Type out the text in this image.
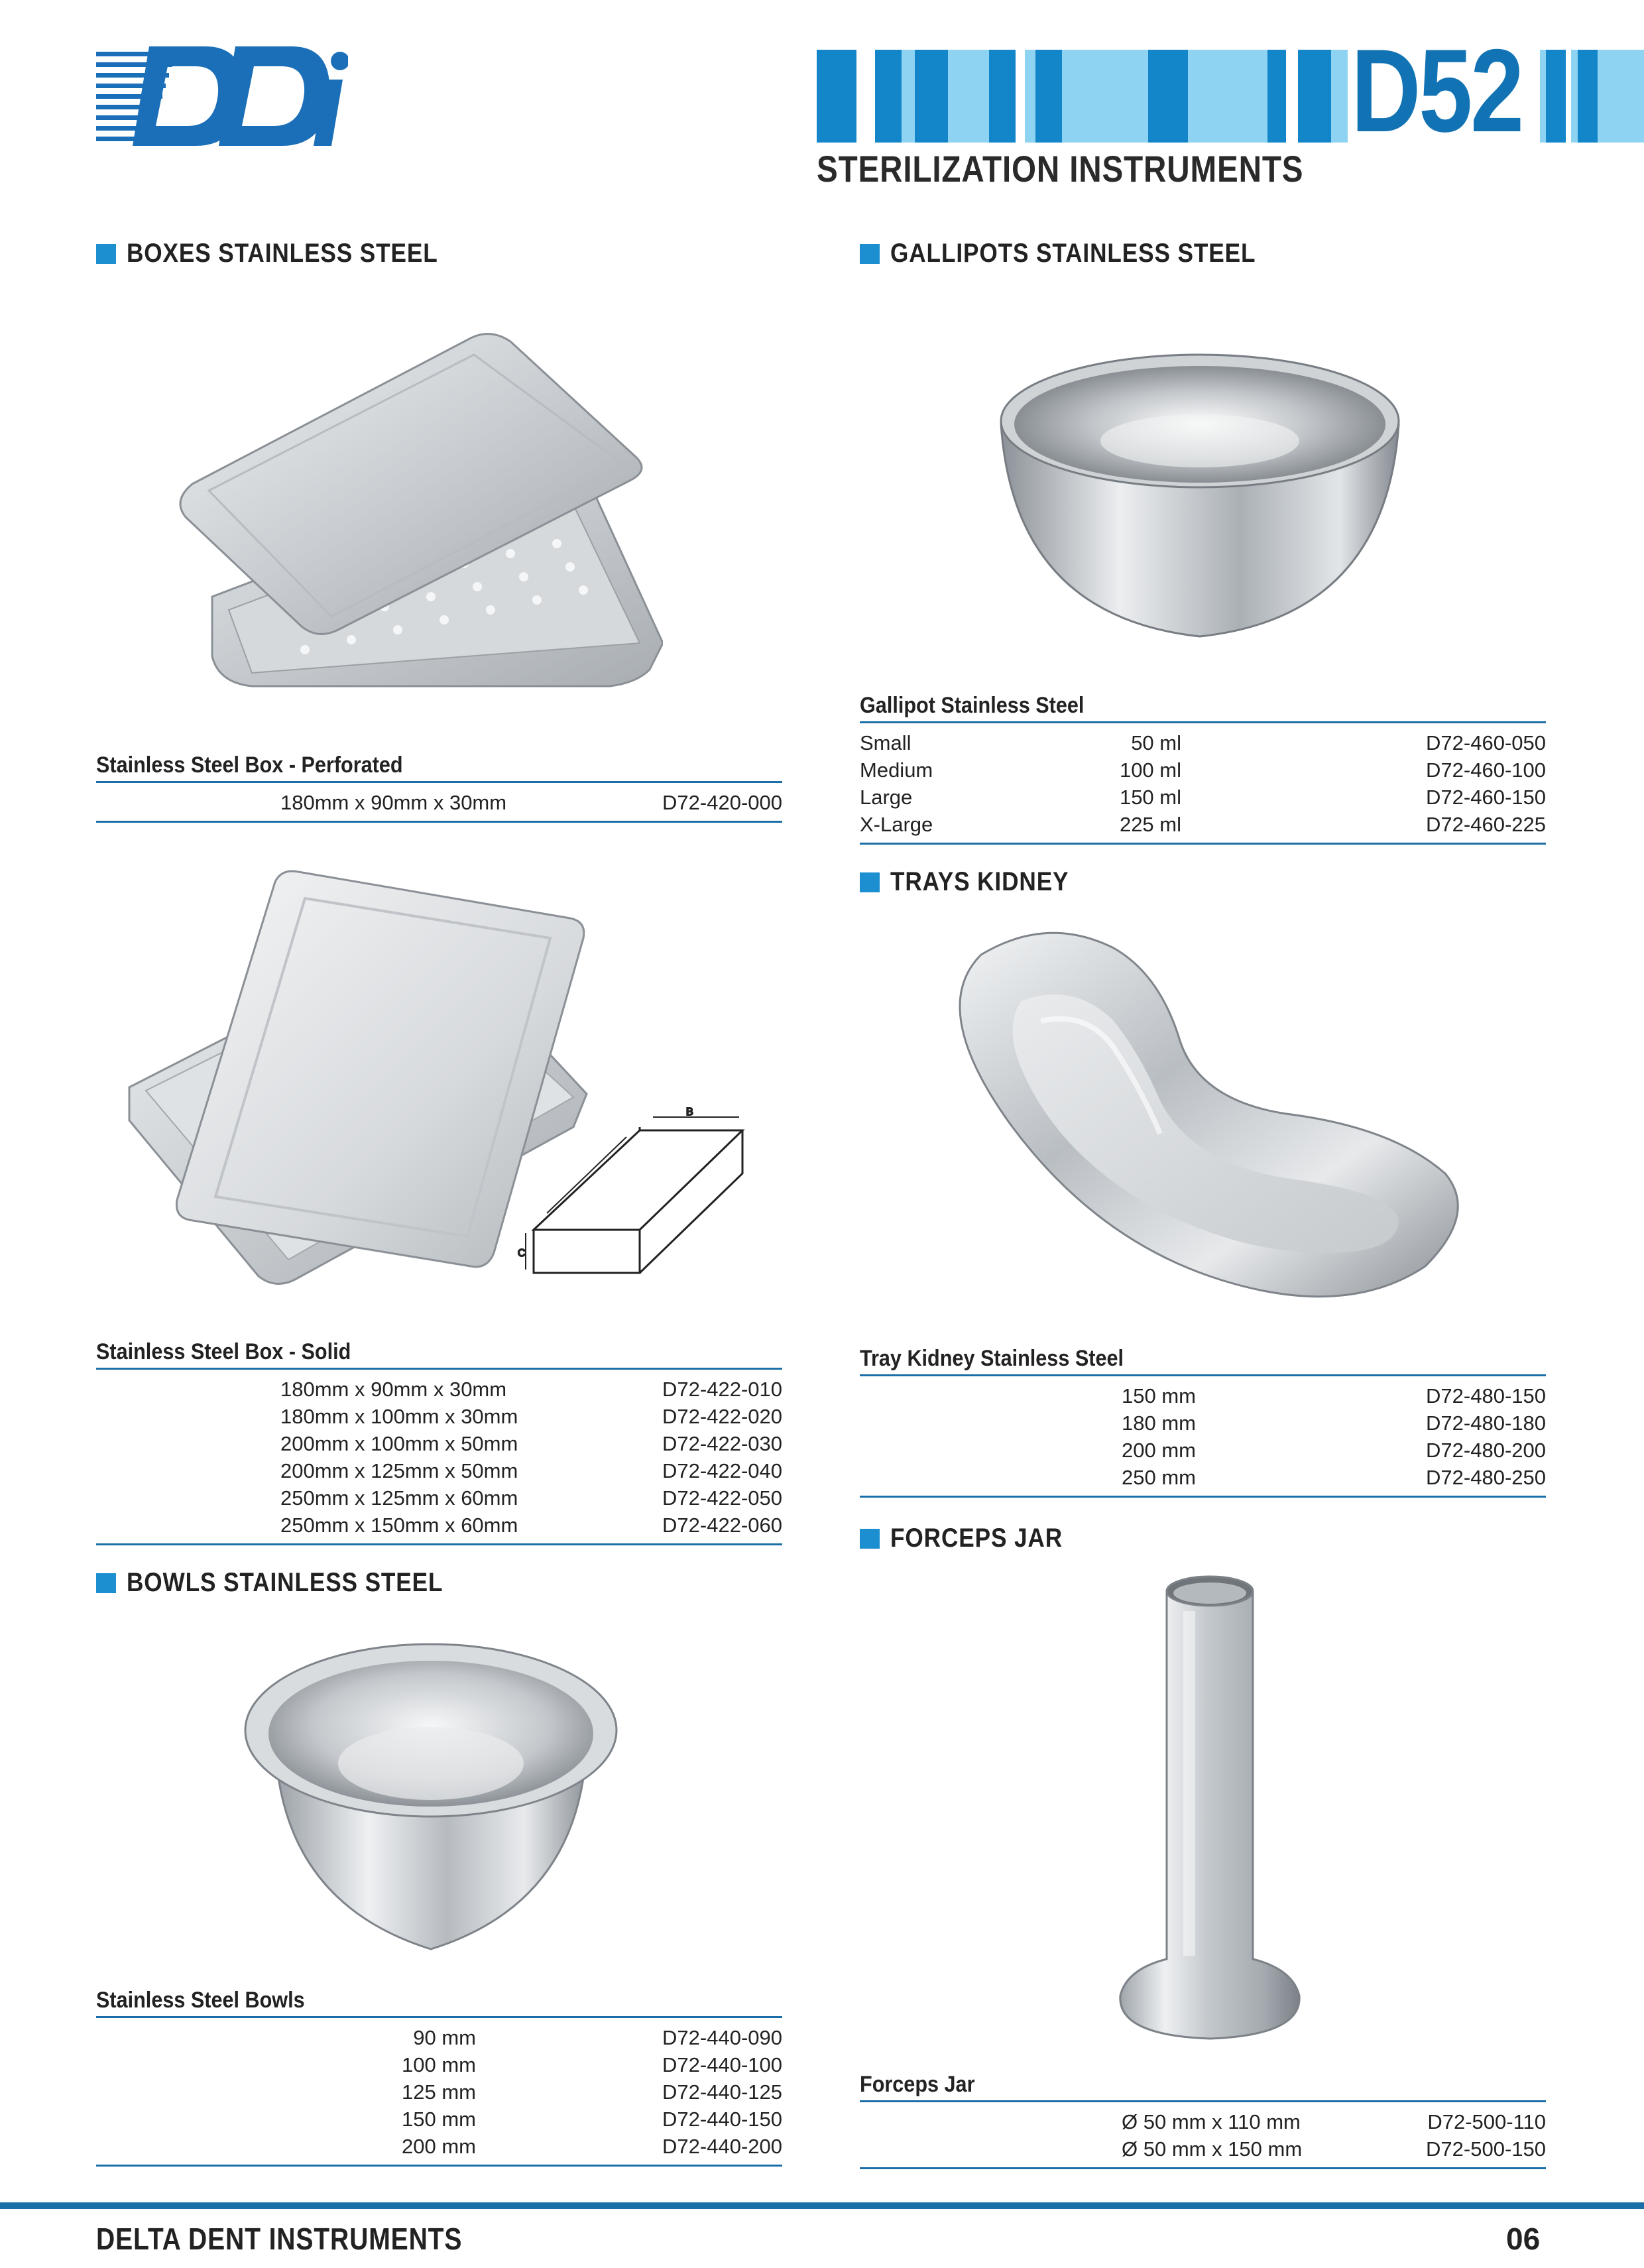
D52
STERILIZATION INSTRUMENTS
BOXES STAINLESS STEEL
Stainless Steel Box - Perforated
180mm x 90mm x 30mm	D72-420-000
B
C
Stainless Steel Box - Solid
180mm x 90mm x 30mm	D72-422-010
180mm x 100mm x 30mm	D72-422-020
200mm x 100mm x 50mm	D72-422-030
200mm x 125mm x 50mm	D72-422-040
250mm x 125mm x 60mm	D72-422-050
250mm x 150mm x 60mm	D72-422-060
BOWLS STAINLESS STEEL
Stainless Steel Bowls
90 mm	D72-440-090
100 mm	D72-440-100
125 mm	D72-440-125
150 mm	D72-440-150
200 mm	D72-440-200
GALLIPOTS STAINLESS STEEL
Gallipot Stainless Steel
Small	50 ml	D72-460-050
Medium	100 ml	D72-460-100
Large	150 ml	D72-460-150
X-Large	225 ml	D72-460-225
TRAYS KIDNEY
Tray Kidney Stainless Steel
150 mm	D72-480-150
180 mm	D72-480-180
200 mm	D72-480-200
250 mm	D72-480-250
FORCEPS JAR
Forceps Jar
Ø 50 mm x 110 mm	D72-500-110
Ø 50 mm x 150 mm	D72-500-150
DELTA DENT INSTRUMENTS	06
